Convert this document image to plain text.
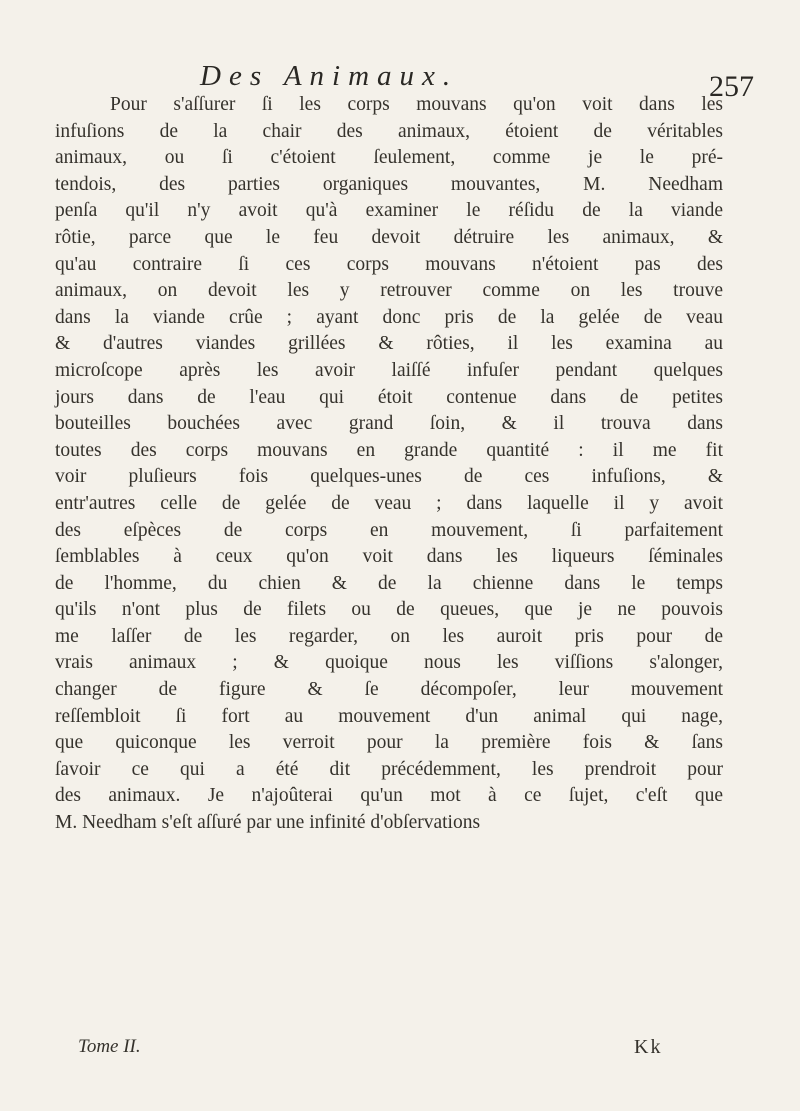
Des Animaux.	257
Pour s'aſſurer ſi les corps mouvans qu'on voit dans les
infuſions de la chair des animaux, étoient de véritables
animaux, ou ſi c'étoient ſeulement, comme je le pré-
tendois, des parties organiques mouvantes, M. Needham
penſa qu'il n'y avoit qu'à examiner le réſidu de la viande
rôtie, parce que le feu devoit détruire les animaux, &
qu'au contraire ſi ces corps mouvans n'étoient pas des
animaux, on devoit les y retrouver comme on les trouve
dans la viande crûe ; ayant donc pris de la gelée de veau
& d'autres viandes grillées & rôties, il les examina au
microſcope après les avoir laiſſé infuſer pendant quelques
jours dans de l'eau qui étoit contenue dans de petites
bouteilles bouchées avec grand ſoin, & il trouva dans
toutes des corps mouvans en grande quantité : il me fit
voir pluſieurs fois quelques-unes de ces infuſions, &
entr'autres celle de gelée de veau ; dans laquelle il y avoit
des eſpèces de corps en mouvement, ſi parfaitement
ſemblables à ceux qu'on voit dans les liqueurs ſéminales
de l'homme, du chien & de la chienne dans le temps
qu'ils n'ont plus de filets ou de queues, que je ne pouvois
me laſſer de les regarder, on les auroit pris pour de
vrais animaux ; & quoique nous les viſſions s'alonger,
changer de figure & ſe décompoſer, leur mouvement
reſſembloit ſi fort au mouvement d'un animal qui nage,
que quiconque les verroit pour la première fois & ſans
ſavoir ce qui a été dit précédemment, les prendroit pour
des animaux. Je n'ajoûterai qu'un mot à ce ſujet, c'eſt que
M. Needham s'eſt aſſuré par une infinité d'obſervations
Tome II.	Kk
